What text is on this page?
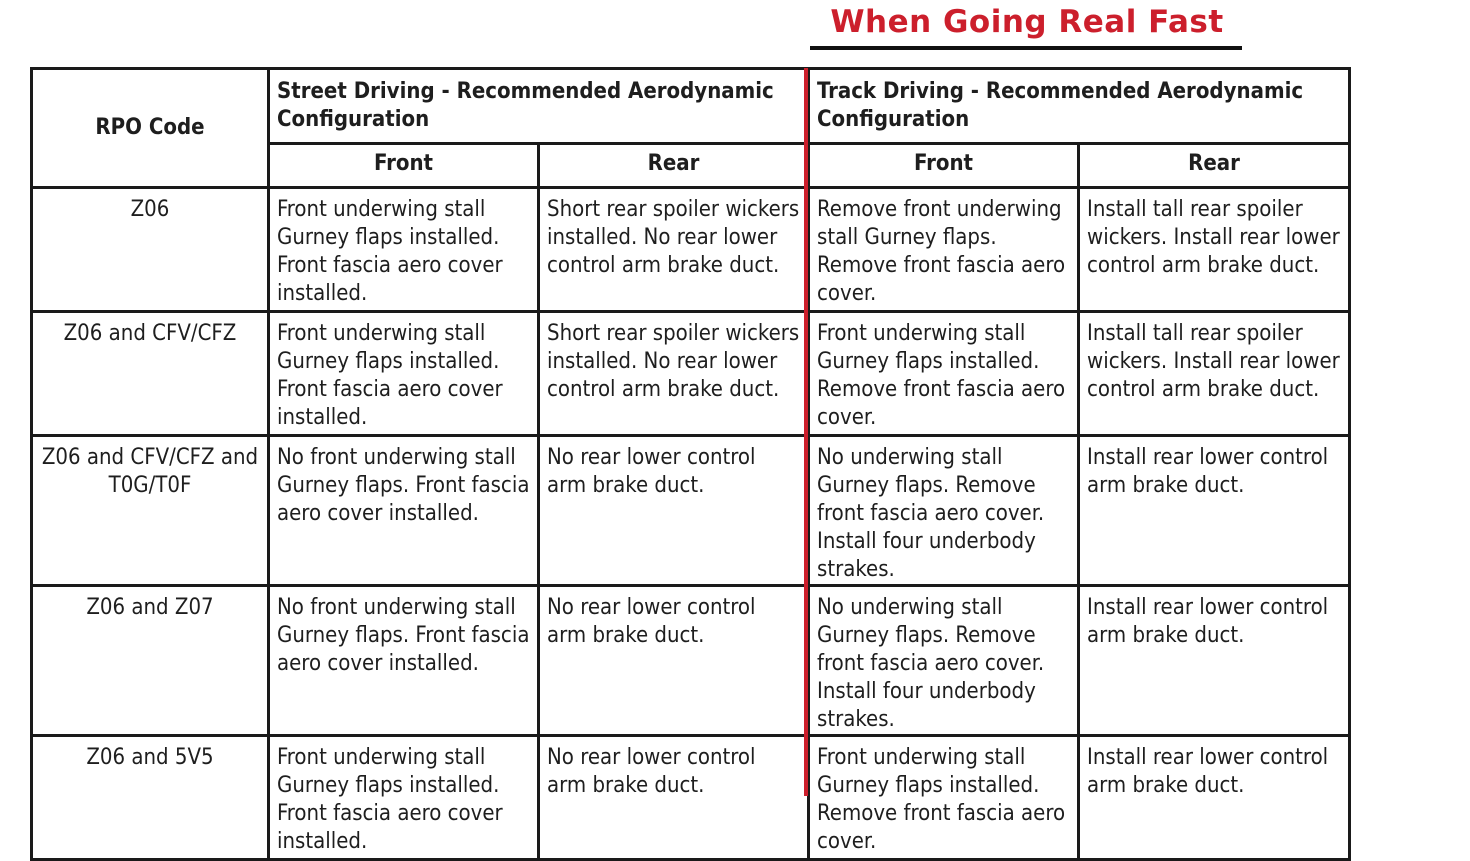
When Going Real Fast
RPO Code	Street Driving - Recommended Aerodynamic Configuration		Track Driving - Recommended Aerodynamic Configuration	
	Front	Rear	Front	Rear
Z06	Front underwing stall Gurney flaps installed. Front fascia aero cover installed.	Short rear spoiler wickers installed. No rear lower control arm brake duct.	Remove front underwing stall Gurney flaps. Remove front fascia aero cover.	Install tall rear spoiler wickers. Install rear lower control arm brake duct.
Z06 and CFV/CFZ	Front underwing stall Gurney flaps installed. Front fascia aero cover installed.	Short rear spoiler wickers installed. No rear lower control arm brake duct.	Front underwing stall Gurney flaps installed. Remove front fascia aero cover.	Install tall rear spoiler wickers. Install rear lower control arm brake duct.
Z06 and CFV/CFZ and T0G/T0F	No front underwing stall Gurney flaps. Front fascia aero cover installed.	No rear lower control arm brake duct.	No underwing stall Gurney flaps. Remove front fascia aero cover. Install four underbody strakes.	Install rear lower control arm brake duct.
Z06 and Z07	No front underwing stall Gurney flaps. Front fascia aero cover installed.	No rear lower control arm brake duct.	No underwing stall Gurney flaps. Remove front fascia aero cover. Install four underbody strakes.	Install rear lower control arm brake duct.
Z06 and 5V5	Front underwing stall Gurney flaps installed. Front fascia aero cover installed.	No rear lower control arm brake duct.	Front underwing stall Gurney flaps installed. Remove front fascia aero cover.	Install rear lower control arm brake duct.
